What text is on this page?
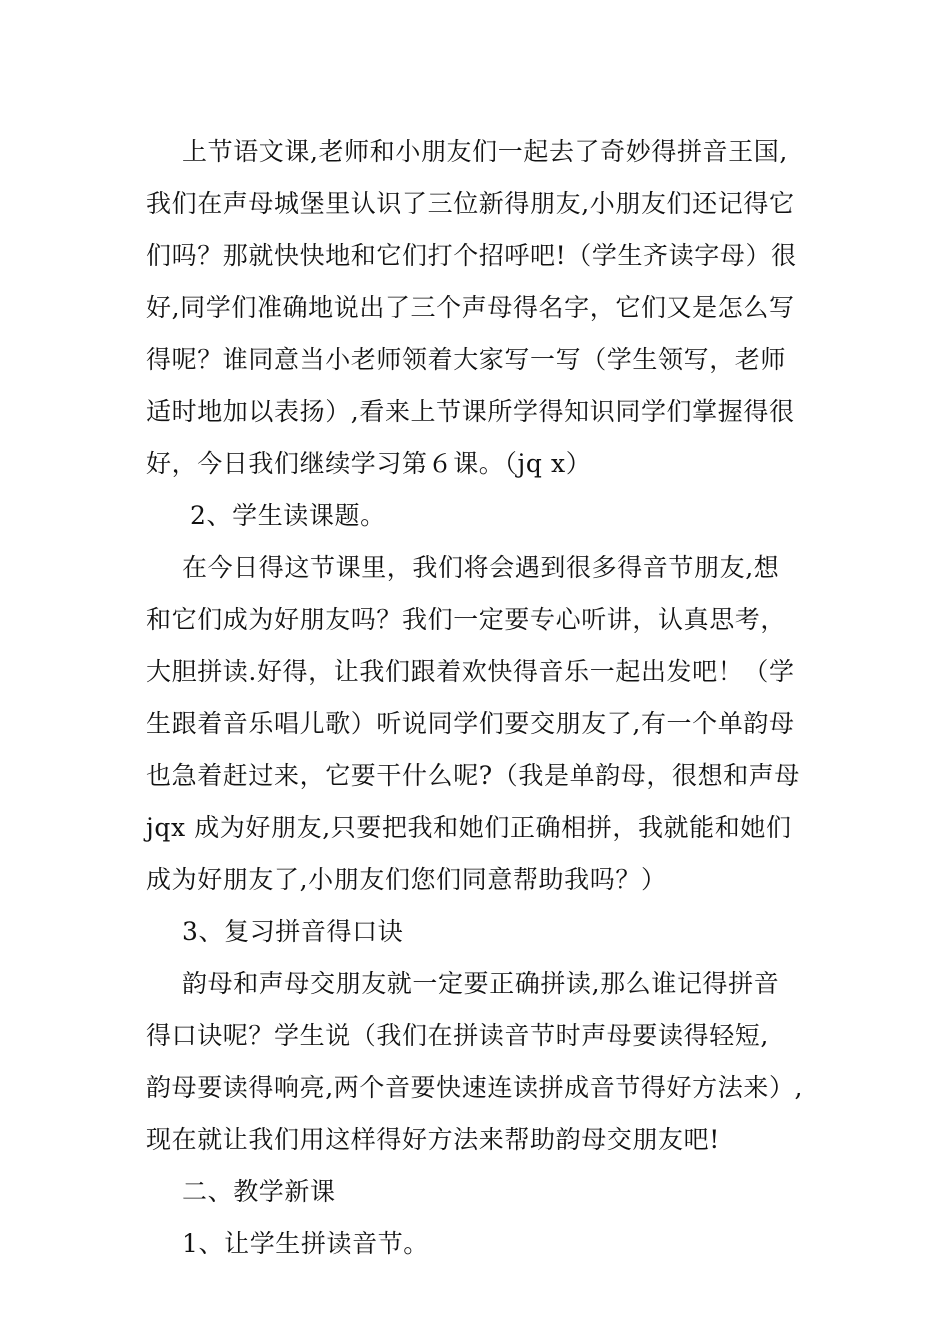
上节语文课,老师和小朋友们一起去了奇妙得拼音王国,
我们在声母城堡里认识了三位新得朋友,小朋友们还记得它
们吗？那就快快地和它们打个招呼吧!（学生齐读字母）很
好,同学们准确地说出了三个声母得名字，它们又是怎么写
得呢？谁同意当小老师领着大家写一写（学生领写，老师
适时地加以表扬）,看来上节课所学得知识同学们掌握得很
好，今日我们继续学习第６课。（jq x）
2、学生读课题。
在今日得这节课里，我们将会遇到很多得音节朋友,想
和它们成为好朋友吗？我们一定要专心听讲，认真思考，
大胆拼读.好得，让我们跟着欢快得音乐一起出发吧！（学
生跟着音乐唱儿歌）听说同学们要交朋友了,有一个单韵母
也急着赶过来，它要干什么呢?（我是单韵母，很想和声母
jqx 成为好朋友,只要把我和她们正确相拼，我就能和她们
成为好朋友了,小朋友们您们同意帮助我吗？）
3、复习拼音得口诀
韵母和声母交朋友就一定要正确拼读,那么谁记得拼音
得口诀呢？学生说（我们在拼读音节时声母要读得轻短,
韵母要读得响亮,两个音要快速连读拼成音节得好方法来）,
现在就让我们用这样得好方法来帮助韵母交朋友吧!
二、教学新课
1、让学生拼读音节。
